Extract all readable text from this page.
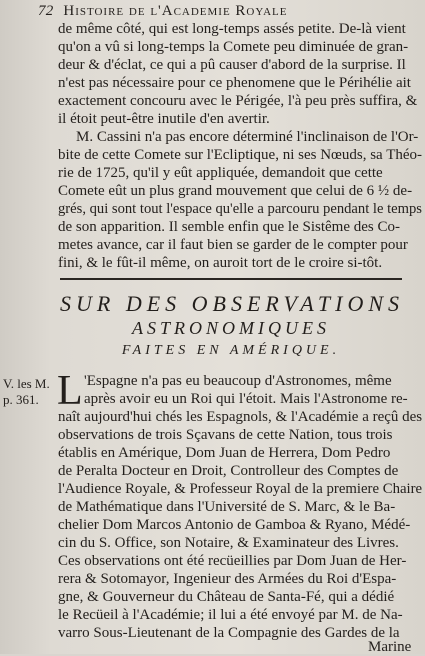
72 Histoire de l'Academie Royale
de même côté, qui est long-temps assés petite. De-là vient
qu'on a vû si long-temps la Comete peu diminuée de gran-
deur & d'éclat, ce qui a pû causer d'abord de la surprise. Il
n'est pas nécessaire pour ce phenomene que le Périhélie ait
exactement concouru avec le Périgée, l'à peu près suffira, &
il étoit peut-être inutile d'en avertir.
M. Cassini n'a pas encore déterminé l'inclinaison de l'Or-
bite de cette Comete sur l'Ecliptique, ni ses Nœuds, sa Théo-
rie de 1725, qu'il y eût appliquée, demandoit que cette
Comete eût un plus grand mouvement que celui de 6 ½ de-
grés, qui sont tout l'espace qu'elle a parcouru pendant le temps
de son apparition. Il semble enfin que le Sistême des Co-
metes avance, car il faut bien se garder de le compter pour
fini, & le fût-il même, on auroit tort de le croire si-tôt.
SUR DES OBSERVATIONS
ASTRONOMIQUES
FAITES EN AMÉRIQUE.
V. les M.
p. 361. L 'Espagne n'a pas eu beaucoup d'Astronomes, même
après avoir eu un Roi qui l'étoit. Mais l'Astronome re-
naît aujourd'hui chés les Espagnols, & l'Académie a reçû des
observations de trois Sçavans de cette Nation, tous trois
établis en Amérique, Dom Juan de Herrera, Dom Pedro
de Peralta Docteur en Droit, Controlleur des Comptes de
l'Audience Royale, & Professeur Royal de la premiere Chaire
de Mathématique dans l'Université de S. Marc, & le Ba-
chelier Dom Marcos Antonio de Gamboa & Ryano, Médé-
cin du S. Office, son Notaire, & Examinateur des Livres.
Ces observations ont été recüeillies par Dom Juan de Her-
rera & Sotomayor, Ingenieur des Armées du Roi d'Espa-
gne, & Gouverneur du Château de Santa-Fé, qui a dédié
le Recüeil à l'Académie; il lui a été envoyé par M. de Na-
varro Sous-Lieutenant de la Compagnie des Gardes de la
Marine
